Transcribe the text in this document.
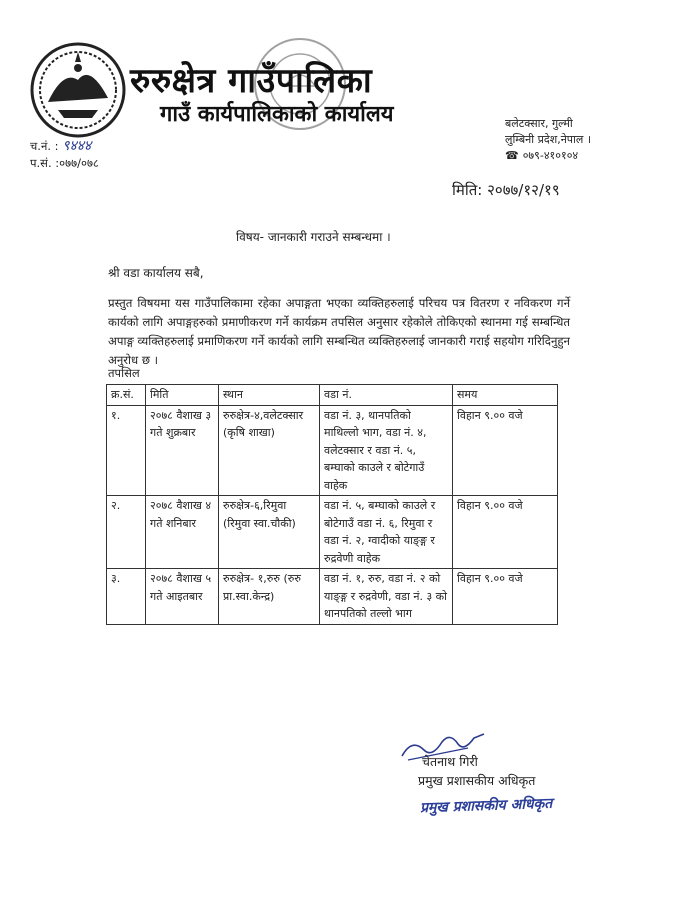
रुरुक्षेत्र गाउँपालिका
गाउँ कार्यपालिकाको कार्यालय	बलेटक्सार, गुल्मी
लुम्बिनी प्रदेश,नेपाल ।
☎ ०७९-४१०१०४
च.नं. : ९४४४
प.सं. :०७७/०७८
मिति: २०७७/१२/१९
विषय- जानकारी गराउने सम्बन्धमा ।
श्री वडा कार्यालय सबै,
प्रस्तुत विषयमा यस गाउँपालिकामा रहेका अपाङ्गता भएका व्यक्तिहरुलाई परिचय पत्र वितरण र नविकरण गर्ने कार्यको लागि अपाङ्गहरुको प्रमाणीकरण गर्ने कार्यक्रम तपसिल अनुसार रहेकोले तोकिएको स्थानमा गई सम्बन्धित अपाङ्ग व्यक्तिहरुलाई प्रमाणिकरण गर्ने कार्यको लागि सम्बन्धित व्यक्तिहरुलाई जानकारी गराई सहयोग गरिदिनुहुन अनुरोध छ ।
तपसिल
क्र.सं.	मिति	स्थान	वडा नं.	समय
१.	२०७८ वैशाख ३ गते शुक्रबार	रुरुक्षेत्र-४,वलेटक्सार (कृषि शाखा)	वडा नं. ३, थानपतिको माथिल्लो भाग, वडा नं. ४, वलेटक्सार र वडा नं. ५, बम्घाको काउले र बोटेगाउँ वाहेक	विहान ९.०० वजे
२.	२०७८ वैशाख ४ गते शनिबार	रुरुक्षेत्र-६,रिमुवा (रिमुवा स्वा.चौकी)	वडा नं. ५, बम्घाको काउले र बोटेगाउँ वडा नं. ६, रिमुवा र वडा नं. २, ग्वादीको याङ्ङ्ग र रुद्रवेणी वाहेक	विहान ९.०० वजे
३.	२०७८ वैशाख ५ गते आइतबार	रुरुक्षेत्र- १,रुरु (रुरु प्रा.स्वा.केन्द्र)	वडा नं. १, रुरु, वडा नं. २ को याङ्ङ्ग र रुद्रवेणी, वडा नं. ३ को थानपतिको तल्लो भाग	विहान ९.०० वजे
चेतनाथ गिरी
प्रमुख प्रशासकीय अधिकृत
प्रमुख प्रशासकीय अधिकृत
